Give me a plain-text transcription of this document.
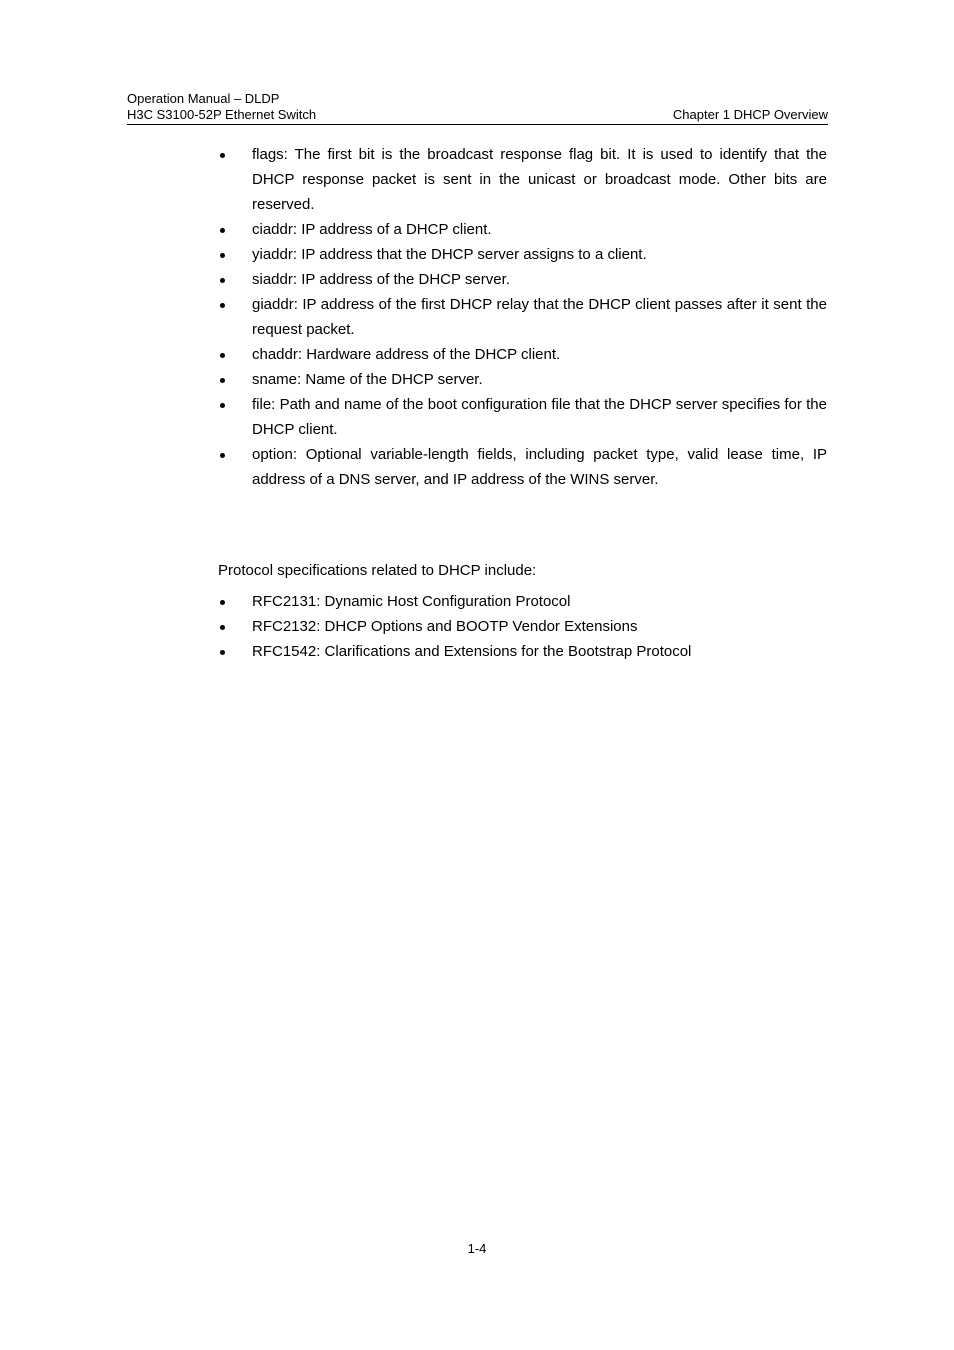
Operation Manual – DLDP
H3C S3100-52P Ethernet Switch	Chapter 1 DHCP Overview
flags: The first bit is the broadcast response flag bit. It is used to identify that the DHCP response packet is sent in the unicast or broadcast mode. Other bits are reserved.
ciaddr: IP address of a DHCP client.
yiaddr: IP address that the DHCP server assigns to a client.
siaddr: IP address of the DHCP server.
giaddr: IP address of the first DHCP relay that the DHCP client passes after it sent the request packet.
chaddr: Hardware address of the DHCP client.
sname: Name of the DHCP server.
file: Path and name of the boot configuration file that the DHCP server specifies for the DHCP client.
option: Optional variable-length fields, including packet type, valid lease time, IP address of a DNS server, and IP address of the WINS server.

Protocol specifications related to DHCP include:

RFC2131: Dynamic Host Configuration Protocol
RFC2132: DHCP Options and BOOTP Vendor Extensions
RFC1542: Clarifications and Extensions for the Bootstrap Protocol
1-4
